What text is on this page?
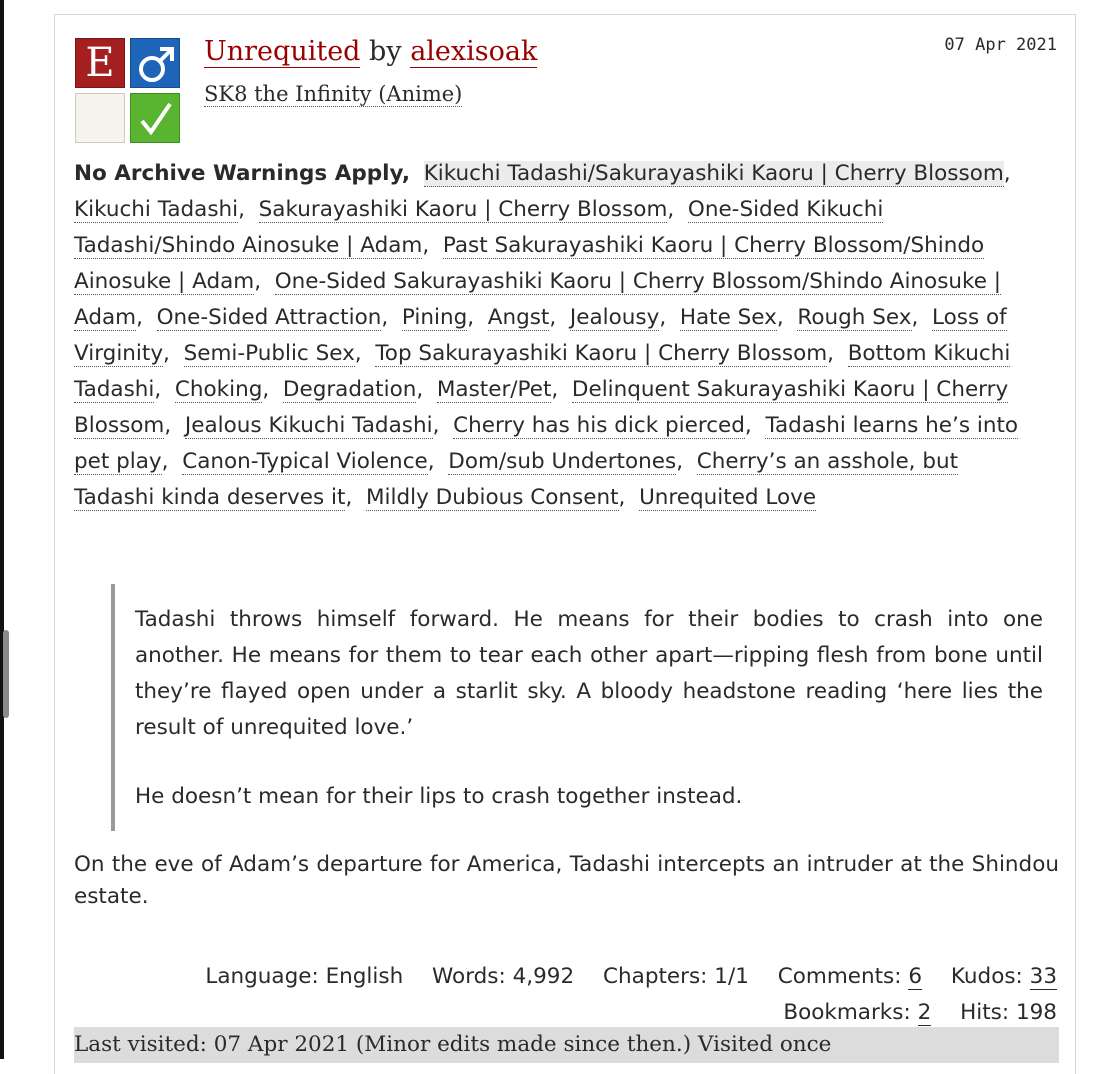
E	Unrequited by alexisoak
SK8 the Infinity (Anime)
07 Apr 2021
No Archive Warnings Apply, Kikuchi Tadashi/Sakurayashiki Kaoru | Cherry Blossom,  Kikuchi Tadashi,  Sakurayashiki Kaoru | Cherry Blossom,  One-Sided Kikuchi Tadashi/Shindo Ainosuke | Adam,  Past Sakurayashiki Kaoru | Cherry Blossom/Shindo Ainosuke | Adam,  One-Sided Sakurayashiki Kaoru | Cherry Blossom/Shindo Ainosuke | Adam,  One-Sided Attraction,  Pining,  Angst,  Jealousy,  Hate Sex,  Rough Sex,  Loss of Virginity,  Semi-Public Sex,  Top Sakurayashiki Kaoru | Cherry Blossom,  Bottom Kikuchi Tadashi,  Choking,  Degradation,  Master/Pet,  Delinquent Sakurayashiki Kaoru | Cherry Blossom,  Jealous Kikuchi Tadashi,  Cherry has his dick pierced,  Tadashi learns he’s into pet play,  Canon-Typical Violence,  Dom/sub Undertones,  Cherry’s an asshole, but Tadashi kinda deserves it,  Mildly Dubious Consent,  Unrequited Love

Tadashi throws himself forward. He means for their bodies to crash into one another. He means for them to tear each other apart—ripping flesh from bone until they’re flayed open under a starlit sky. A bloody headstone reading ‘here lies the result of unrequited love.’

He doesn’t mean for their lips to crash together instead.

On the eve of Adam’s departure for America, Tadashi intercepts an intruder at the Shindou estate.
Language: English Words: 4,992 Chapters: 1/1 Comments: 6 Kudos: 33 Bookmarks: 2 Hits: 198
Last visited: 07 Apr 2021 (Minor edits made since then.) Visited once
